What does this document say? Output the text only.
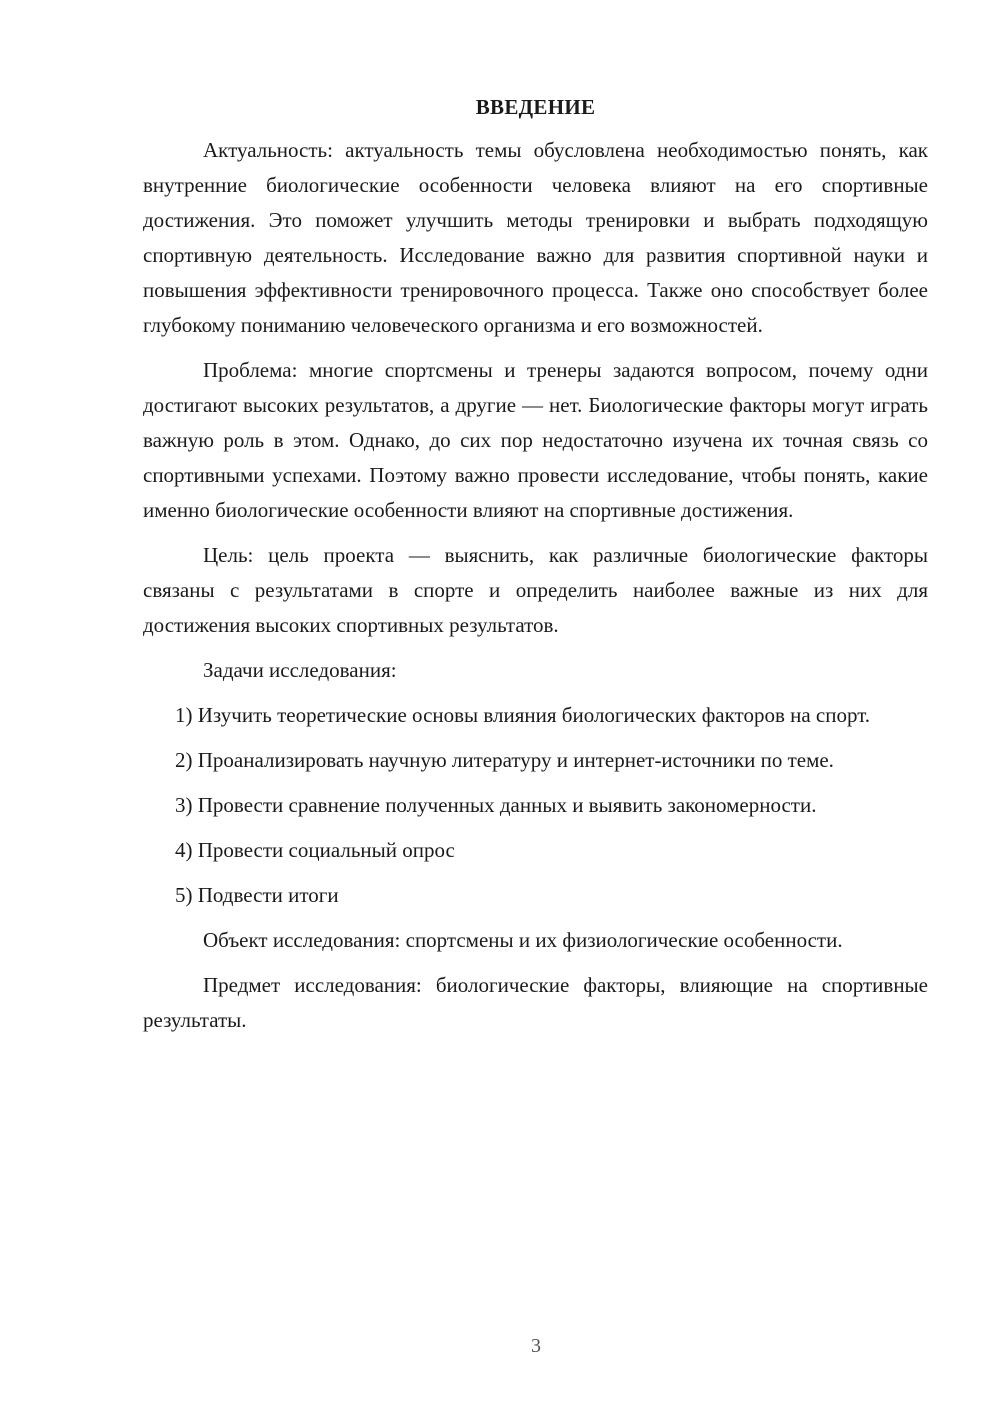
ВВЕДЕНИЕ

Актуальность: актуальность темы обусловлена необходимостью понять, как внутренние биологические особенности человека влияют на его спортивные достижения. Это поможет улучшить методы тренировки и выбрать подходящую спортивную деятельность. Исследование важно для развития спортивной науки и повышения эффективности тренировочного процесса. Также оно способствует более глубокому пониманию человеческого организма и его возможностей.

Проблема: многие спортсмены и тренеры задаются вопросом, почему одни достигают высоких результатов, а другие — нет. Биологические факторы могут играть важную роль в этом. Однако, до сих пор недостаточно изучена их точная связь со спортивными успехами. Поэтому важно провести исследование, чтобы понять, какие именно биологические особенности влияют на спортивные достижения.

Цель: цель проекта — выяснить, как различные биологические факторы связаны с результатами в спорте и определить наиболее важные из них для достижения высоких спортивных результатов.

Задачи исследования:

1) Изучить теоретические основы влияния биологических факторов на спорт.

2) Проанализировать научную литературу и интернет-источники по теме.

3) Провести сравнение полученных данных и выявить закономерности.

4) Провести социальный опрос

5) Подвести итоги

Объект исследования: спортсмены и их физиологические особенности.

Предмет исследования: биологические факторы, влияющие на спортивные результаты.

3
